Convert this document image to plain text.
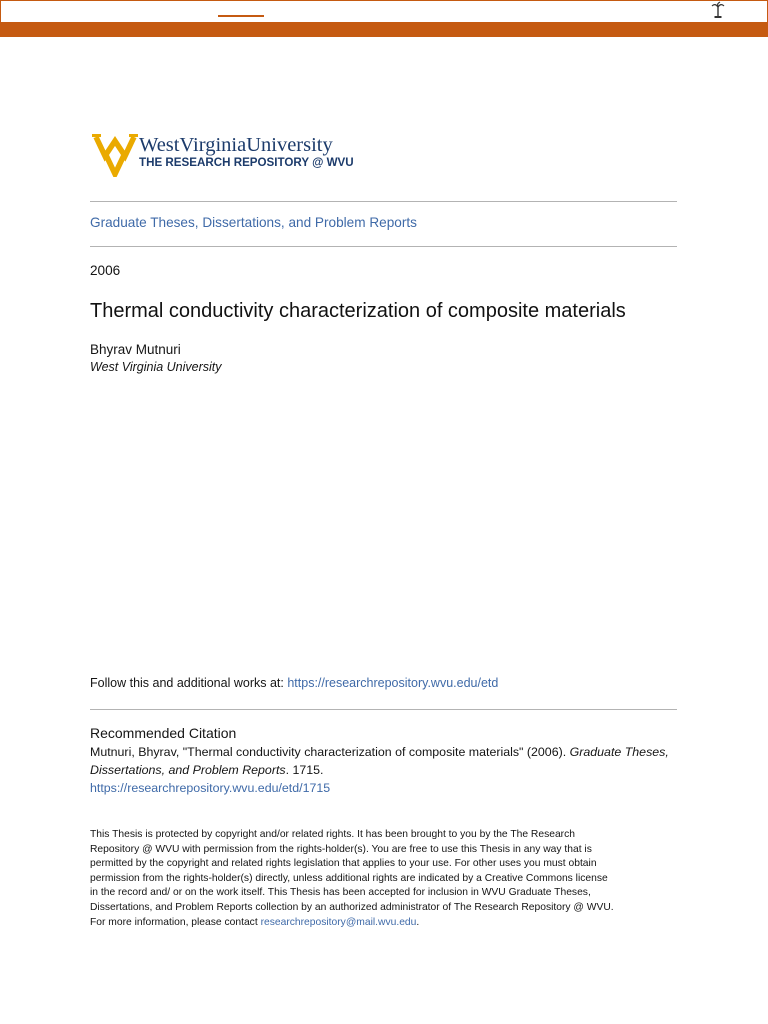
WestVirginiaUniversity
THE RESEARCH REPOSITORY @ WVU
Graduate Theses, Dissertations, and Problem Reports
2006
Thermal conductivity characterization of composite materials
Bhyrav Mutnuri
West Virginia University
Follow this and additional works at: https://researchrepository.wvu.edu/etd
Recommended Citation
Mutnuri, Bhyrav, "Thermal conductivity characterization of composite materials" (2006). Graduate Theses,
Dissertations, and Problem Reports. 1715.
https://researchrepository.wvu.edu/etd/1715
This Thesis is protected by copyright and/or related rights. It has been brought to you by the The Research
Repository @ WVU with permission from the rights-holder(s). You are free to use this Thesis in any way that is
permitted by the copyright and related rights legislation that applies to your use. For other uses you must obtain
permission from the rights-holder(s) directly, unless additional rights are indicated by a Creative Commons license
in the record and/ or on the work itself. This Thesis has been accepted for inclusion in WVU Graduate Theses,
Dissertations, and Problem Reports collection by an authorized administrator of The Research Repository @ WVU.
For more information, please contact researchrepository@mail.wvu.edu.
